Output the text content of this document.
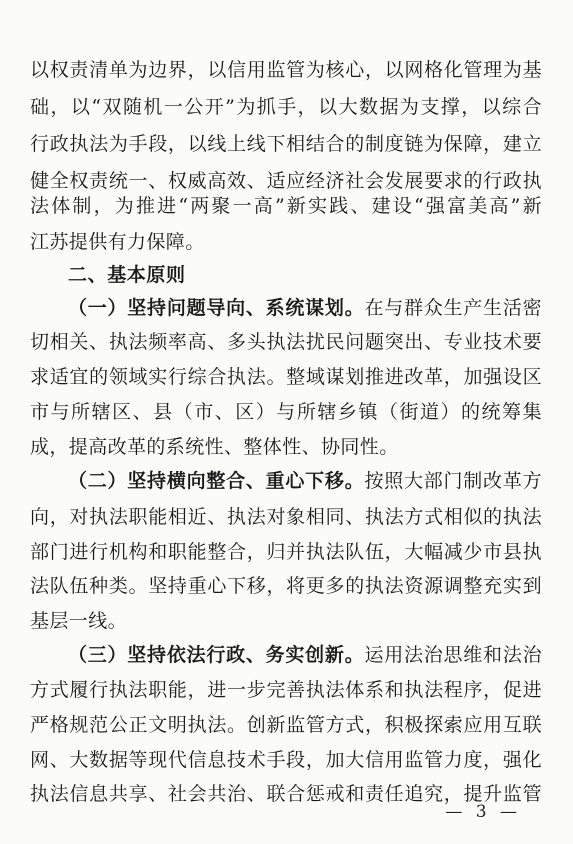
以权责清单为边界，以信用监管为核心，以网格化管理为基
础，以“双随机一公开”为抓手，以大数据为支撑，以综合
行政执法为手段，以线上线下相结合的制度链为保障，建立
健全权责统一、权威高效、适应经济社会发展要求的行政执
法体制，为推进“两聚一高”新实践、建设“强富美高”新
江苏提供有力保障。
二、基本原则
（一）坚持问题导向、系统谋划。在与群众生产生活密
切相关、执法频率高、多头执法扰民问题突出、专业技术要
求适宜的领域实行综合执法。整域谋划推进改革，加强设区
市与所辖区、县（市、区）与所辖乡镇（街道）的统筹集
成，提高改革的系统性、整体性、协同性。
（二）坚持横向整合、重心下移。按照大部门制改革方
向，对执法职能相近、执法对象相同、执法方式相似的执法
部门进行机构和职能整合，归并执法队伍，大幅减少市县执
法队伍种类。坚持重心下移，将更多的执法资源调整充实到
基层一线。
（三）坚持依法行政、务实创新。运用法治思维和法治
方式履行执法职能，进一步完善执法体系和执法程序，促进
严格规范公正文明执法。创新监管方式，积极探索应用互联
网、大数据等现代信息技术手段，加大信用监管力度，强化
执法信息共享、社会共治、联合惩戒和责任追究，提升监管
— 3 —
